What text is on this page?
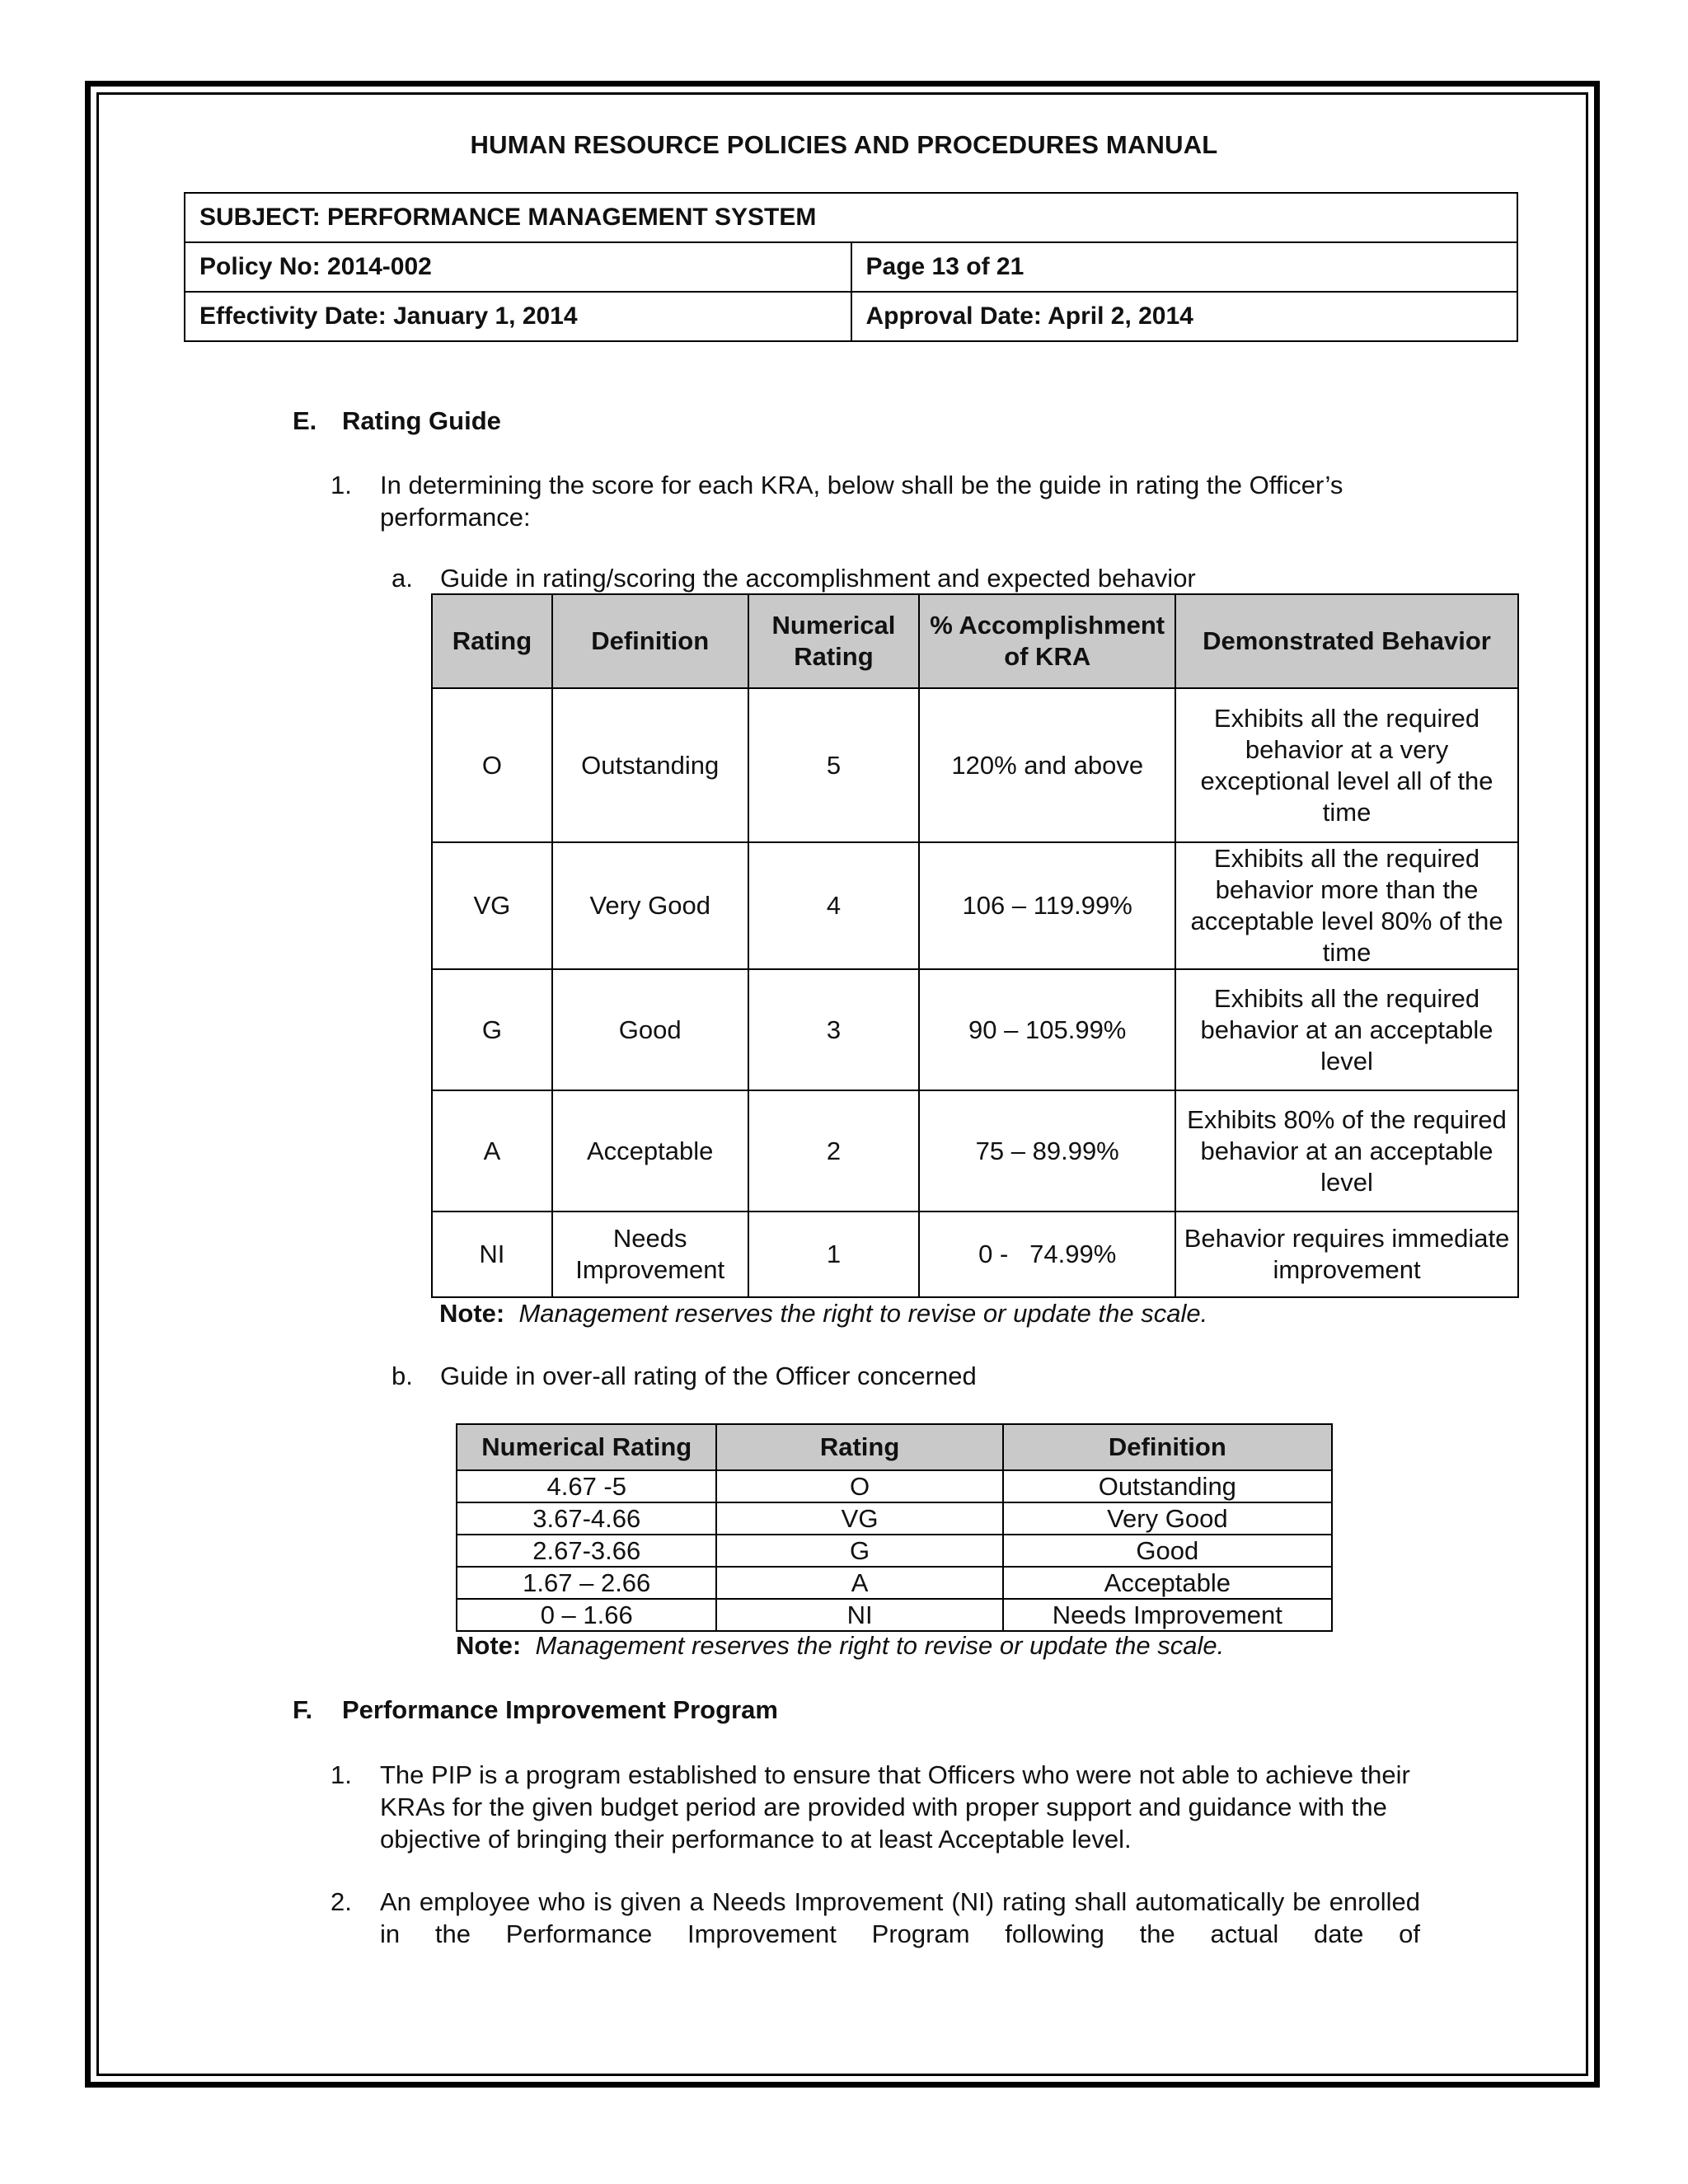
HUMAN RESOURCE POLICIES AND PROCEDURES MANUAL
SUBJECT: PERFORMANCE MANAGEMENT SYSTEM	
Policy No: 2014-002	Page 13 of 21
Effectivity Date: January 1, 2014	Approval Date: April 2, 2014
E. Rating Guide
1. In determining the score for each KRA, below shall be the guide in rating the Officer’s performance:
a. Guide in rating/scoring the accomplishment and expected behavior
Rating	Definition	Numerical Rating	% Accomplishment of KRA	Demonstrated Behavior
O	Outstanding	5	120% and above	Exhibits all the required behavior at a very exceptional level all of the time
VG	Very Good	4	106 – 119.99%	Exhibits all the required behavior more than the acceptable level 80% of the time
G	Good	3	90 – 105.99%	Exhibits all the required behavior at an acceptable level
A	Acceptable	2	75 – 89.99%	Exhibits 80% of the required behavior at an acceptable level
NI	Needs Improvement	1	0 -   74.99%	Behavior requires immediate improvement
Note: Management reserves the right to revise or update the scale.
b. Guide in over-all rating of the Officer concerned
Numerical Rating	Rating	Definition
4.67 -5	O	Outstanding
3.67-4.66	VG	Very Good
2.67-3.66	G	Good
1.67 – 2.66	A	Acceptable
0 – 1.66	NI	Needs Improvement
Note: Management reserves the right to revise or update the scale.
F. Performance Improvement Program
1. The PIP is a program established to ensure that Officers who were not able to achieve their KRAs for the given budget period are provided with proper support and guidance with the objective of bringing their performance to at least Acceptable level.
2. An employee who is given a Needs Improvement (NI) rating shall automatically be enrolled in the Performance Improvement Program following the actual date of
